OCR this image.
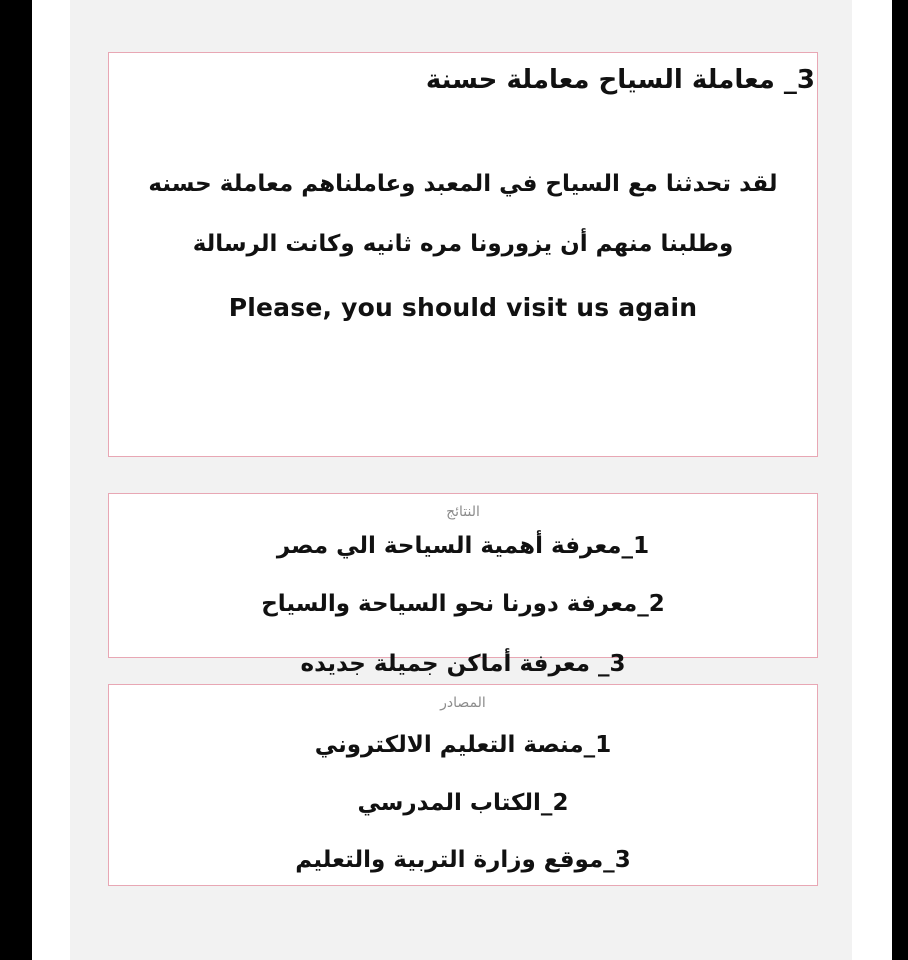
3_ معاملة السياح معاملة حسنة
لقد تحدثنا مع السياح في المعبد وعاملناهم معاملة حسنه
وطلبنا منهم أن يزورونا مره ثانيه وكانت الرسالة
Please, you should visit us again
النتائج
1_معرفة أهمية السياحة الي مصر
2_معرفة دورنا نحو السياحة والسياح
3_ معرفة أماكن جميلة جديده
المصادر
1_منصة التعليم الالكتروني
2_الكتاب المدرسي
3_موقع وزارة التربية والتعليم
